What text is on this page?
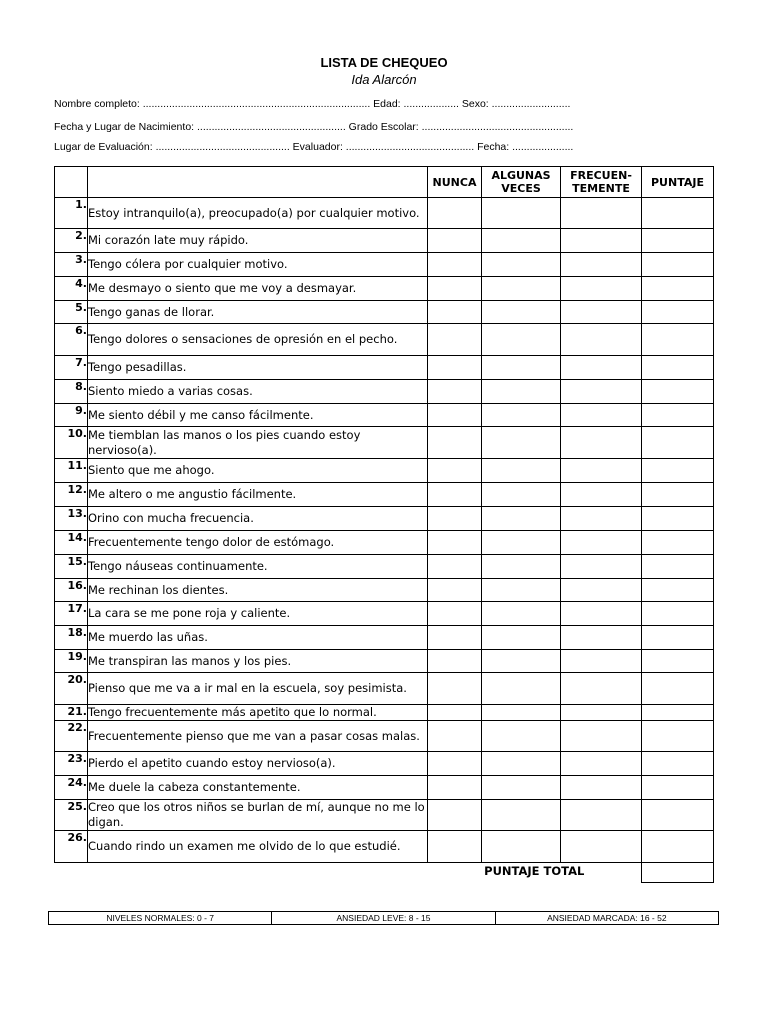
LISTA DE CHEQUEO
Ida Alarcón
Nombre completo: .............................................................................. Edad: ................... Sexo: ...........................
Fecha y Lugar de Nacimiento: ................................................... Grado Escolar: ....................................................
Lugar de Evaluación: .............................................. Evaluador: ............................................ Fecha: .....................
		NUNCA	ALGUNAS VECES	FRECUEN-TEMENTE	PUNTAJE
1.	Estoy intranquilo(a), preocupado(a) por cualquier motivo.				
2.	Mi corazón late muy rápido.				
3.	Tengo cólera por cualquier motivo.				
4.	Me desmayo o siento que me voy a desmayar.				
5.	Tengo ganas de llorar.				
6.	Tengo dolores o sensaciones de opresión en el pecho.				
7.	Tengo pesadillas.				
8.	Siento miedo a varias cosas.				
9.	Me siento débil y me canso fácilmente.				
10.	Me tiemblan las manos o los pies cuando estoy nervioso(a).				
11.	Siento que me ahogo.				
12.	Me altero o me angustio fácilmente.				
13.	Orino con mucha frecuencia.				
14.	Frecuentemente tengo dolor de estómago.				
15.	Tengo náuseas continuamente.				
16.	Me rechinan los dientes.				
17.	La cara se me pone roja y caliente.				
18.	Me muerdo las uñas.				
19.	Me transpiran las manos y los pies.				
20.	Pienso que me va a ir mal en la escuela, soy pesimista.				
21.	Tengo frecuentemente más apetito que lo normal.				
22.	Frecuentemente pienso que me van a pasar cosas malas.				
23.	Pierdo el apetito cuando estoy nervioso(a).				
24.	Me duele la cabeza constantemente.				
25.	Creo que los otros niños se burlan de mí, aunque no me lo digan.				
26.	Cuando rindo un examen me olvido de lo que estudié.				
		PUNTAJE TOTAL			
NIVELES NORMALES: 0 - 7	ANSIEDAD LEVE: 8 - 15	ANSIEDAD MARCADA: 16 - 52
